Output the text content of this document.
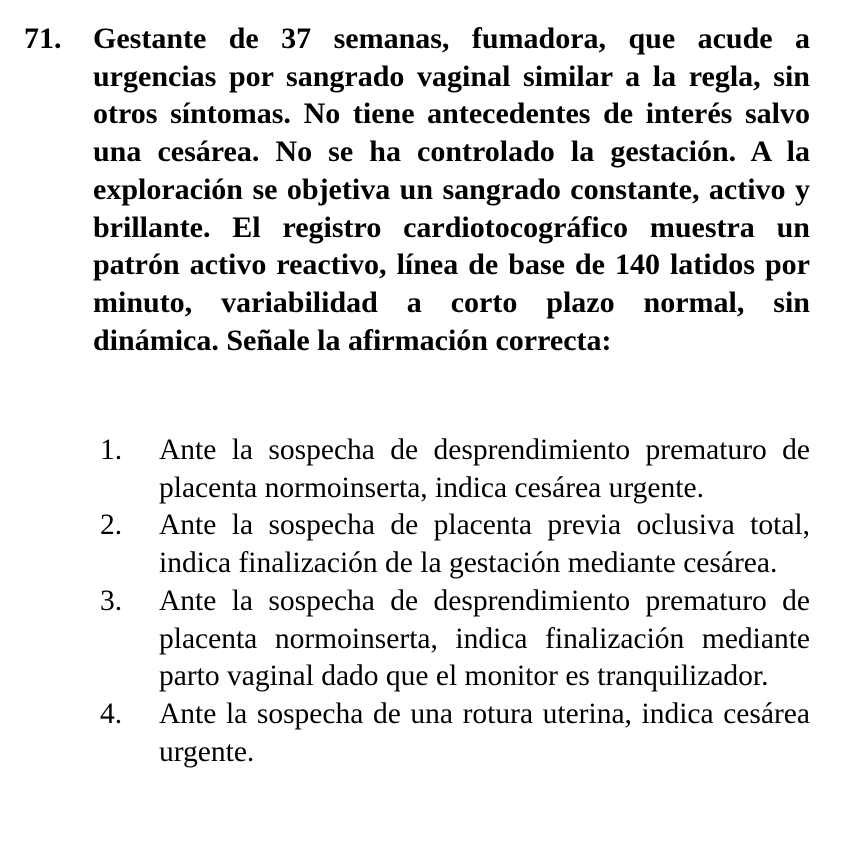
71.	Gestante de 37 semanas, fumadora, que acude a urgencias por sangrado vaginal similar a la regla, sin otros síntomas. No tiene antecedentes de interés salvo una cesárea. No se ha controlado la gestación. A la exploración se objetiva un sangrado constante, activo y brillante. El registro cardiotocográfico muestra un patrón activo reactivo, línea de base de 140 latidos por minuto, variabilidad a corto plazo normal, sin dinámica. Señale la afirmación correcta:
1.	Ante la sospecha de desprendimiento prematuro de placenta normoinserta, indica cesárea urgente.
2.	Ante la sospecha de placenta previa oclusiva total, indica finalización de la gestación mediante cesárea.
3.	Ante la sospecha de desprendimiento prematuro de placenta normoinserta, indica finalización mediante parto vaginal dado que el monitor es tranquilizador.
4.	Ante la sospecha de una rotura uterina, indica cesárea urgente.
